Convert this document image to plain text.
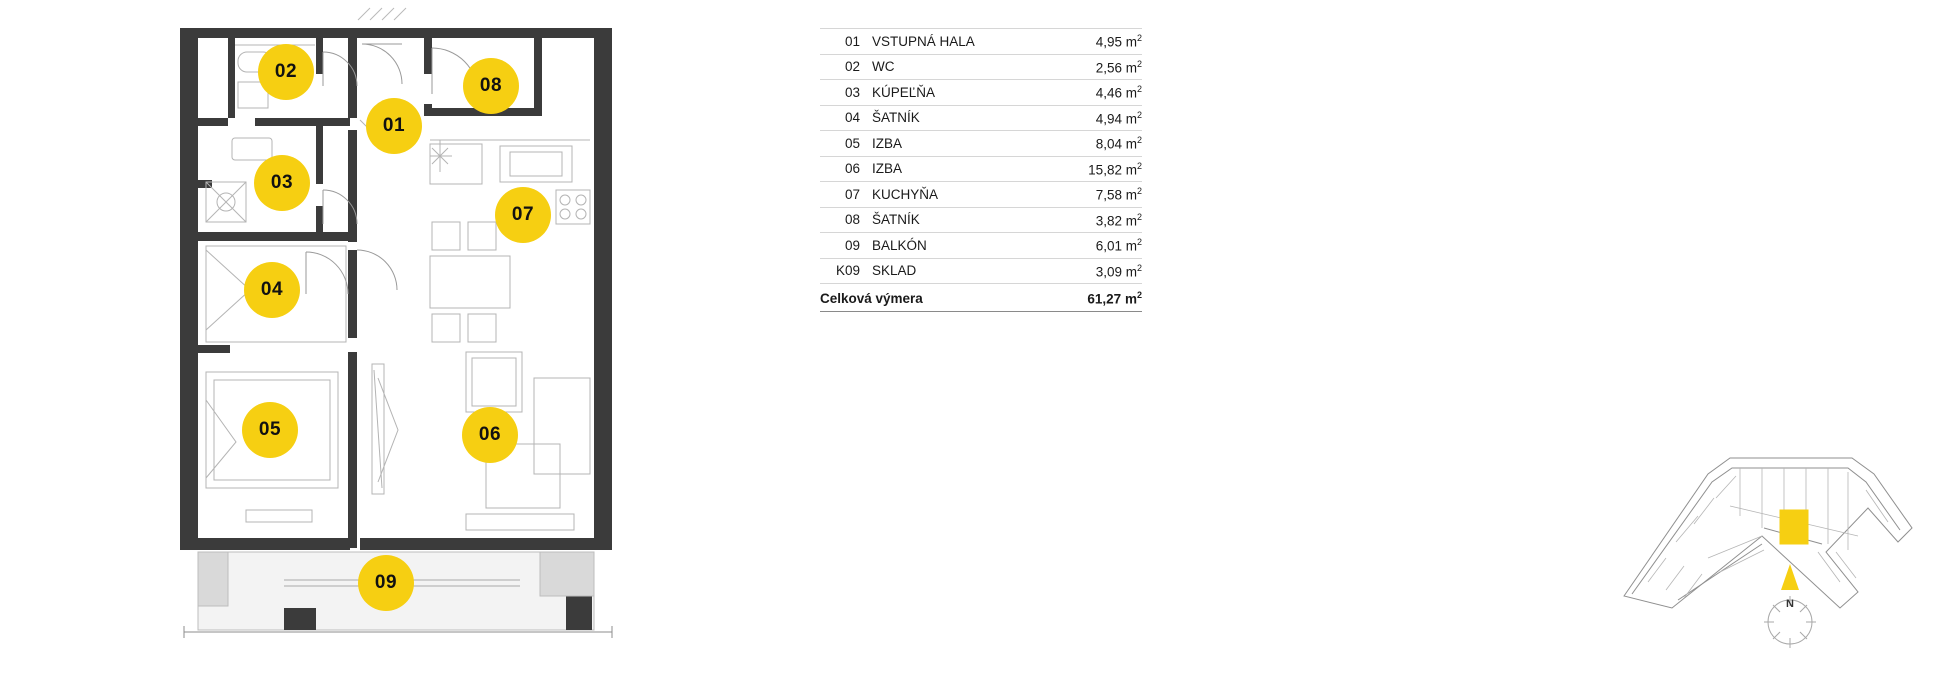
02
08
01
03
07
04
05	06
09
01	VSTUPNÁ HALA	4,95 $m^2$
02	WC	2,56 $m^2$
03	KÚPEĽŇA	4,46 $m^2$
04	ŠATNÍK	4,94 $m^2$
05	IZBA	8,04 $m^2$
06	IZBA	15,82 $m^2$
07	KUCHYŇA	7,58 $m^2$
08	ŠATNÍK	3,82 $m^2$
09	BALKÓN	6,01 $m^2$
K09	SKLAD	3,09 $m^2$
Celková výmera		61,27 $m^2$
N
